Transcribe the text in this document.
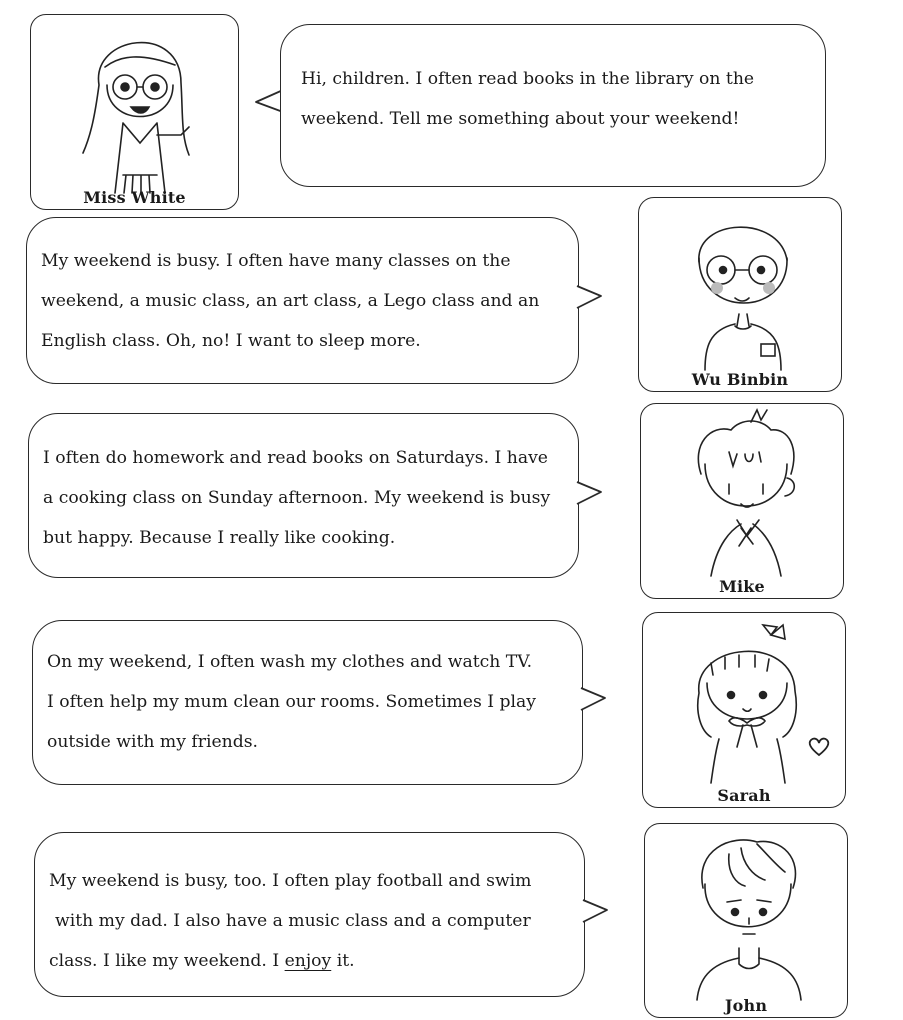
Miss White

Hi, children. I often read books in the library on the

weekend. Tell me something about your weekend!

My weekend is busy. I often have many classes on the

weekend, a music class, an art class, a Lego class and an

English class. Oh, no! I want to sleep more.

Wu Binbin

I often do homework and read books on Saturdays. I have

a cooking class on Sunday afternoon. My weekend is busy

but happy. Because I really like cooking.

Mike

On my weekend, I often wash my clothes and watch TV.

I often help my mum clean our rooms. Sometimes I play

outside with my friends.

Sarah

My weekend is busy, too. I often play football and swim

with my dad. I also have a music class and a computer

class. I like my weekend. I enjoy it.

John
